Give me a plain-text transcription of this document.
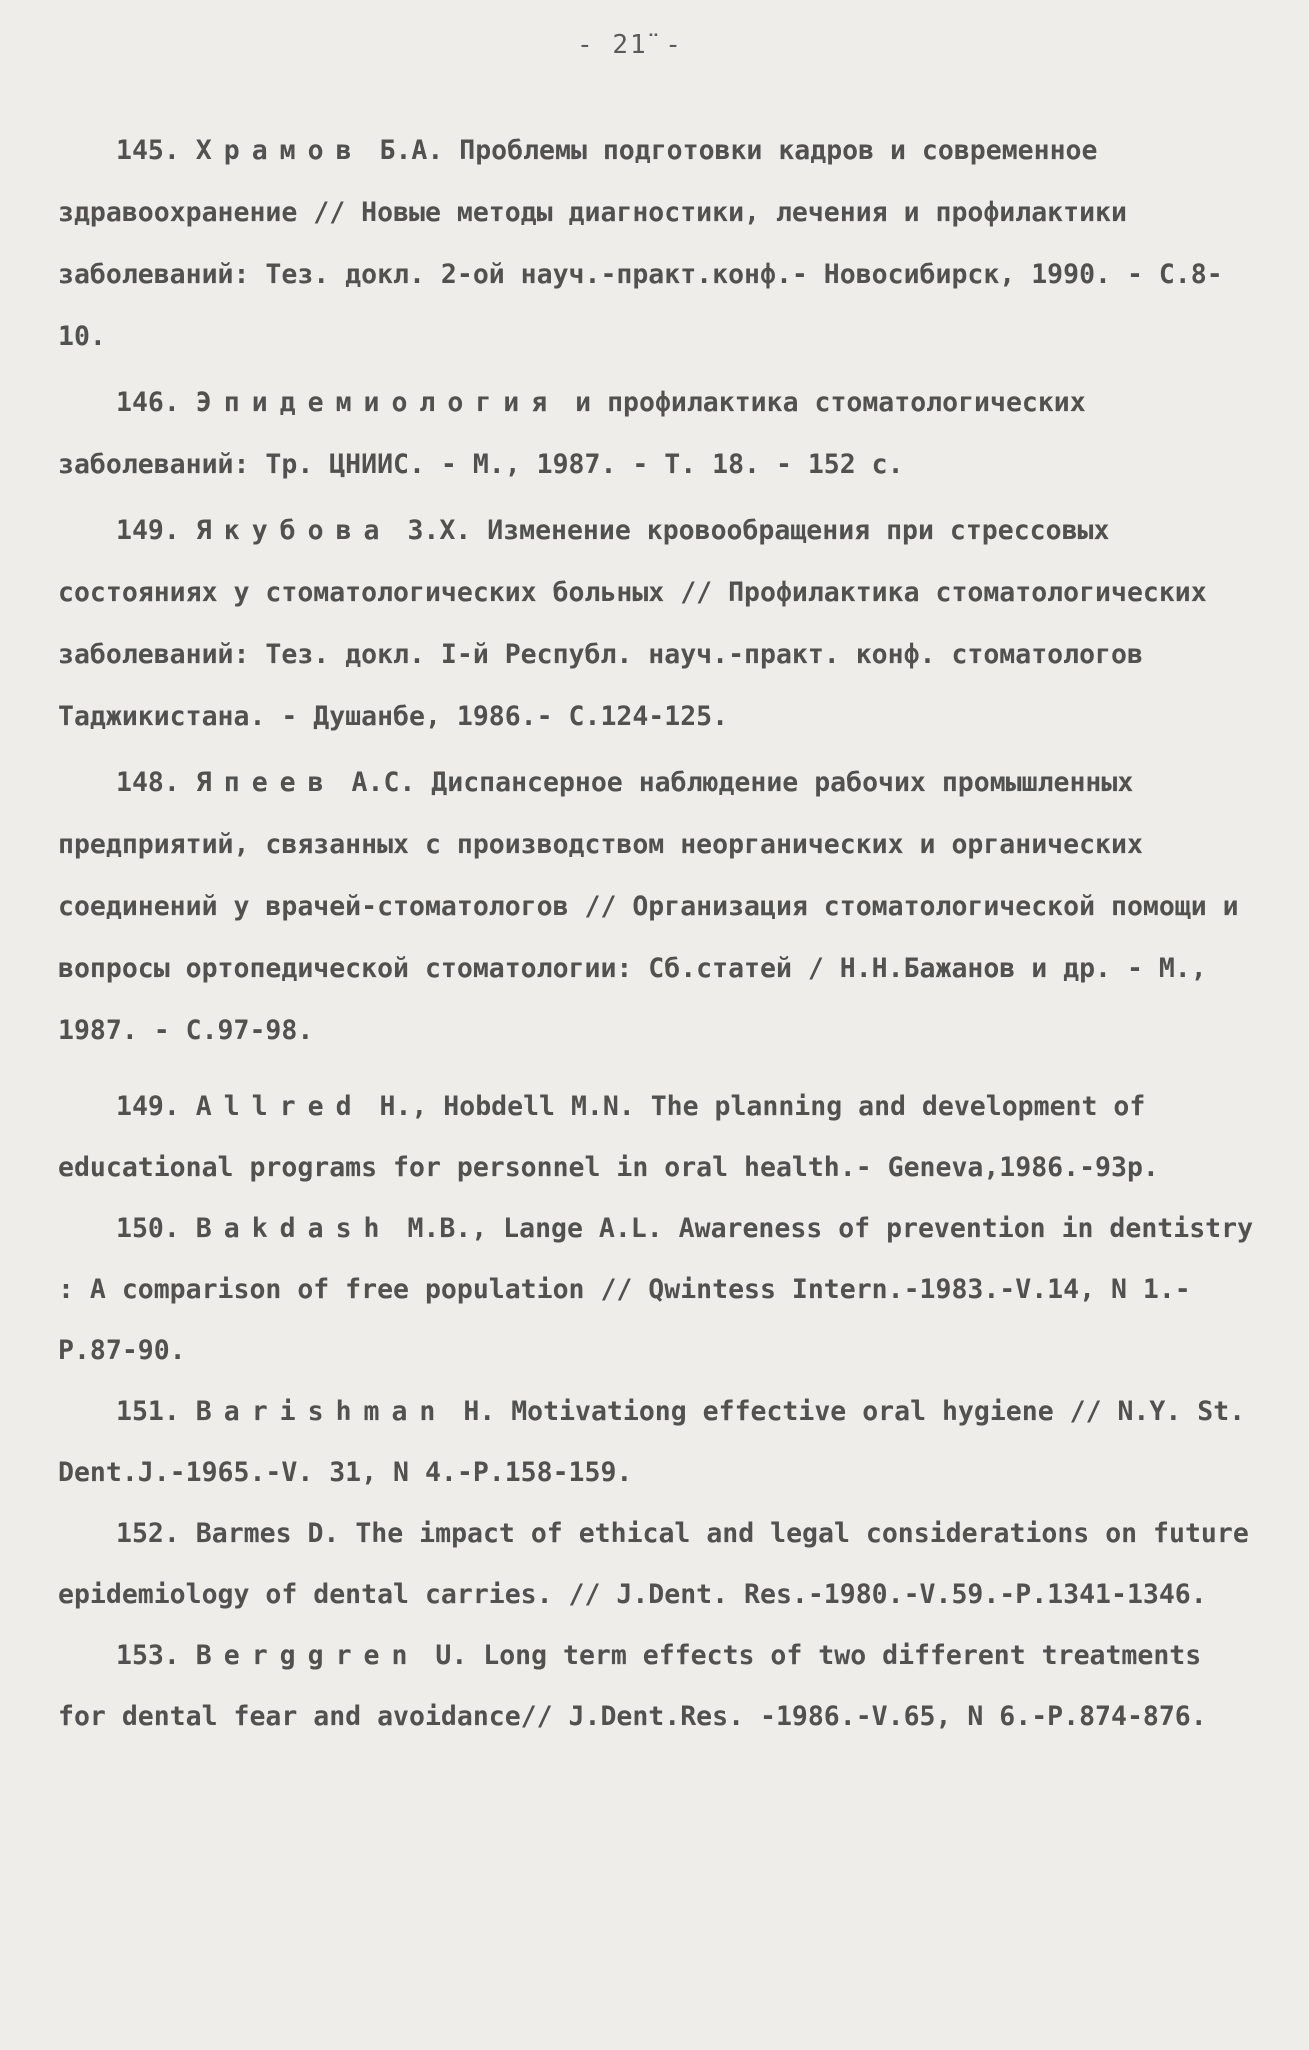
- 21̈ -

145. Храмов Б.А. Проблемы подготовки кадров и современное здравоохранение // Новые методы диагностики, лечения и профилактики заболеваний: Тез. докл. 2-ой науч.-практ.конф.- Новосибирск, 1990. - С.8-10.

146. Эпидемиология и профилактика стоматологических заболеваний: Тр. ЦНИИС. - М., 1987. - Т. 18. - 152 с.

149. Якубова З.Х. Изменение кровообращения при стрессовых состояниях у стоматологических больных // Профилактика стоматологических заболеваний: Тез. докл. I-й Республ. науч.-практ. конф. стоматологов Таджикистана. - Душанбе, 1986.- С.124-125.

148. Япеев А.С. Диспансерное наблюдение рабочих промышленных предприятий, связанных с производством неорганических и органических соединений у врачей-стоматологов // Организация стоматологической помощи и вопросы ортопедической стоматологии: Сб.статей / Н.Н.Бажанов и др. - М., 1987. - С.97-98.

149. Allred H., Hobdell M.N. The planning and development of educational programs for personnel in oral health.- Geneva,1986.-93p.

150. Bakdash M.B., Lange A.L. Awareness of prevention in dentistry : A comparison of free population // Qwintess Intern.-1983.-V.14, N 1.-P.87-90.

151. Barishman H. Motivationg effective oral hygiene // N.Y. St. Dent.J.-1965.-V. 31, N 4.-P.158-159.

152. Barmes D. The impact of ethical and legal considerations on future epidemiology of dental carries. // J.Dent. Res.-1980.-V.59.-P.1341-1346.

153. Berggren U. Long term effects of two different treatments for dental fear and avoidance// J.Dent.Res. -1986.-V.65, N 6.-P.874-876.
